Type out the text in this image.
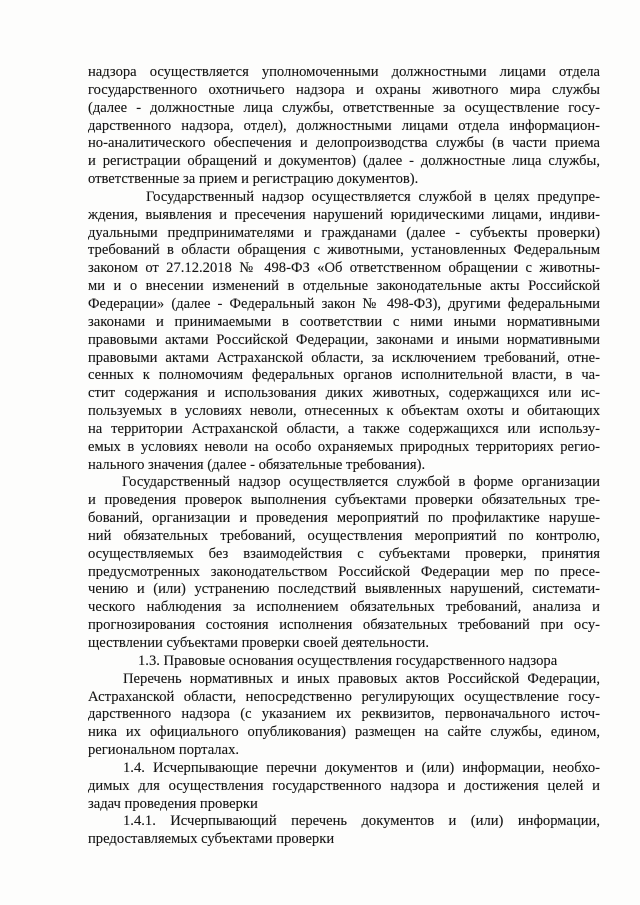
надзора осуществляется уполномоченными должностными лицами отдела
государственного охотничьего надзора и охраны животного мира службы
(далее - должностные лица службы, ответственные за осуществление госу-
дарственного надзора, отдел), должностными лицами отдела информацион-
но-аналитического обеспечения и делопроизводства службы (в части приема
и регистрации обращений и документов) (далее - должностные лица службы,
ответственные за прием и регистрацию документов).
Государственный надзор осуществляется службой в целях предупре-
ждения, выявления и пресечения нарушений юридическими лицами, индиви-
дуальными предпринимателями и гражданами (далее - субъекты проверки)
требований в области обращения с животными, установленных Федеральным
законом от 27.12.2018 № 498-ФЗ «Об ответственном обращении с животны-
ми и о внесении изменений в отдельные законодательные акты Российской
Федерации» (далее - Федеральный закон № 498-ФЗ), другими федеральными
законами и принимаемыми в соответствии с ними иными нормативными
правовыми актами Российской Федерации, законами и иными нормативными
правовыми актами Астраханской области, за исключением требований, отне-
сенных к полномочиям федеральных органов исполнительной власти, в ча-
стит содержания и использования диких животных, содержащихся или ис-
пользуемых в условиях неволи, отнесенных к объектам охоты и обитающих
на территории Астраханской области, а также содержащихся или использу-
емых в условиях неволи на особо охраняемых природных территориях регио-
нального значения (далее - обязательные требования).
Государственный надзор осуществляется службой в форме организации
и проведения проверок выполнения субъектами проверки обязательных тре-
бований, организации и проведения мероприятий по профилактике наруше-
ний обязательных требований, осуществления мероприятий по контролю,
осуществляемых без взаимодействия с субъектами проверки, принятия
предусмотренных законодательством Российской Федерации мер по пресе-
чению и (или) устранению последствий выявленных нарушений, системати-
ческого наблюдения за исполнением обязательных требований, анализа и
прогнозирования состояния исполнения обязательных требований при осу-
ществлении субъектами проверки своей деятельности.
1.3. Правовые основания осуществления государственного надзора
Перечень нормативных и иных правовых актов Российской Федерации,
Астраханской области, непосредственно регулирующих осуществление госу-
дарственного надзора (с указанием их реквизитов, первоначального источ-
ника их официального опубликования) размещен на сайте службы, едином,
региональном порталах.
1.4. Исчерпывающие перечни документов и (или) информации, необхо-
димых для осуществления государственного надзора и достижения целей и
задач проведения проверки
1.4.1. Исчерпывающий перечень документов и (или) информации,
предоставляемых субъектами проверки
